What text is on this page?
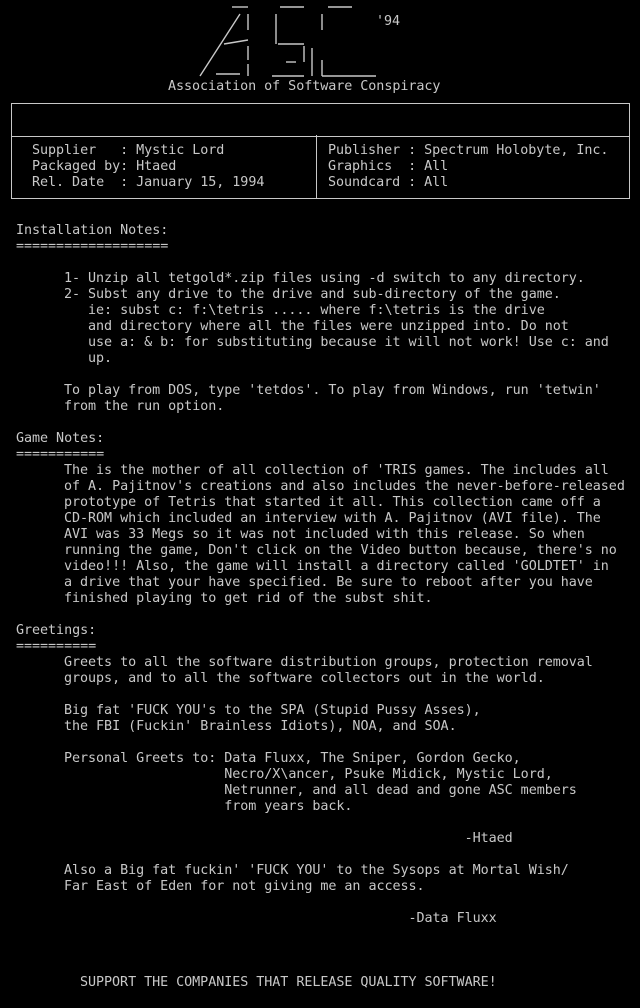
'94
Association of Software Conspiracy
Supplier   : Mystic Lord
Packaged by: Htaed
Rel. Date  : January 15, 1994
Publisher : Spectrum Holobyte, Inc.
Graphics  : All
Soundcard : All
Installation Notes:
===================
1- Unzip all tetgold*.zip files using -d switch to any directory.
2- Subst any drive to the drive and sub-directory of the game.
ie: subst c: f:\tetris ..... where f:\tetris is the drive
and directory where all the files were unzipped into. Do not
use a: & b: for substituting because it will not work! Use c: and
up.
To play from DOS, type 'tetdos'. To play from Windows, run 'tetwin'
from the run option.
Game Notes:
===========
The is the mother of all collection of 'TRIS games. The includes all
of A. Pajitnov's creations and also includes the never-before-released
prototype of Tetris that started it all. This collection came off a
CD-ROM which included an interview with A. Pajitnov (AVI file). The
AVI was 33 Megs so it was not included with this release. So when
running the game, Don't click on the Video button because, there's no
video!!! Also, the game will install a directory called 'GOLDTET' in
a drive that your have specified. Be sure to reboot after you have
finished playing to get rid of the subst shit.
Greetings:
==========
Greets to all the software distribution groups, protection removal
groups, and to all the software collectors out in the world.
Big fat 'FUCK YOU's to the SPA (Stupid Pussy Asses),
the FBI (Fuckin' Brainless Idiots), NOA, and SOA.
Personal Greets to: Data Fluxx, The Sniper, Gordon Gecko,
Necro/X\ancer, Psuke Midick, Mystic Lord,
Netrunner, and all dead and gone ASC members
from years back.
-Htaed
Also a Big fat fuckin' 'FUCK YOU' to the Sysops at Mortal Wish/
Far East of Eden for not giving me an access.
-Data Fluxx
SUPPORT THE COMPANIES THAT RELEASE QUALITY SOFTWARE!
